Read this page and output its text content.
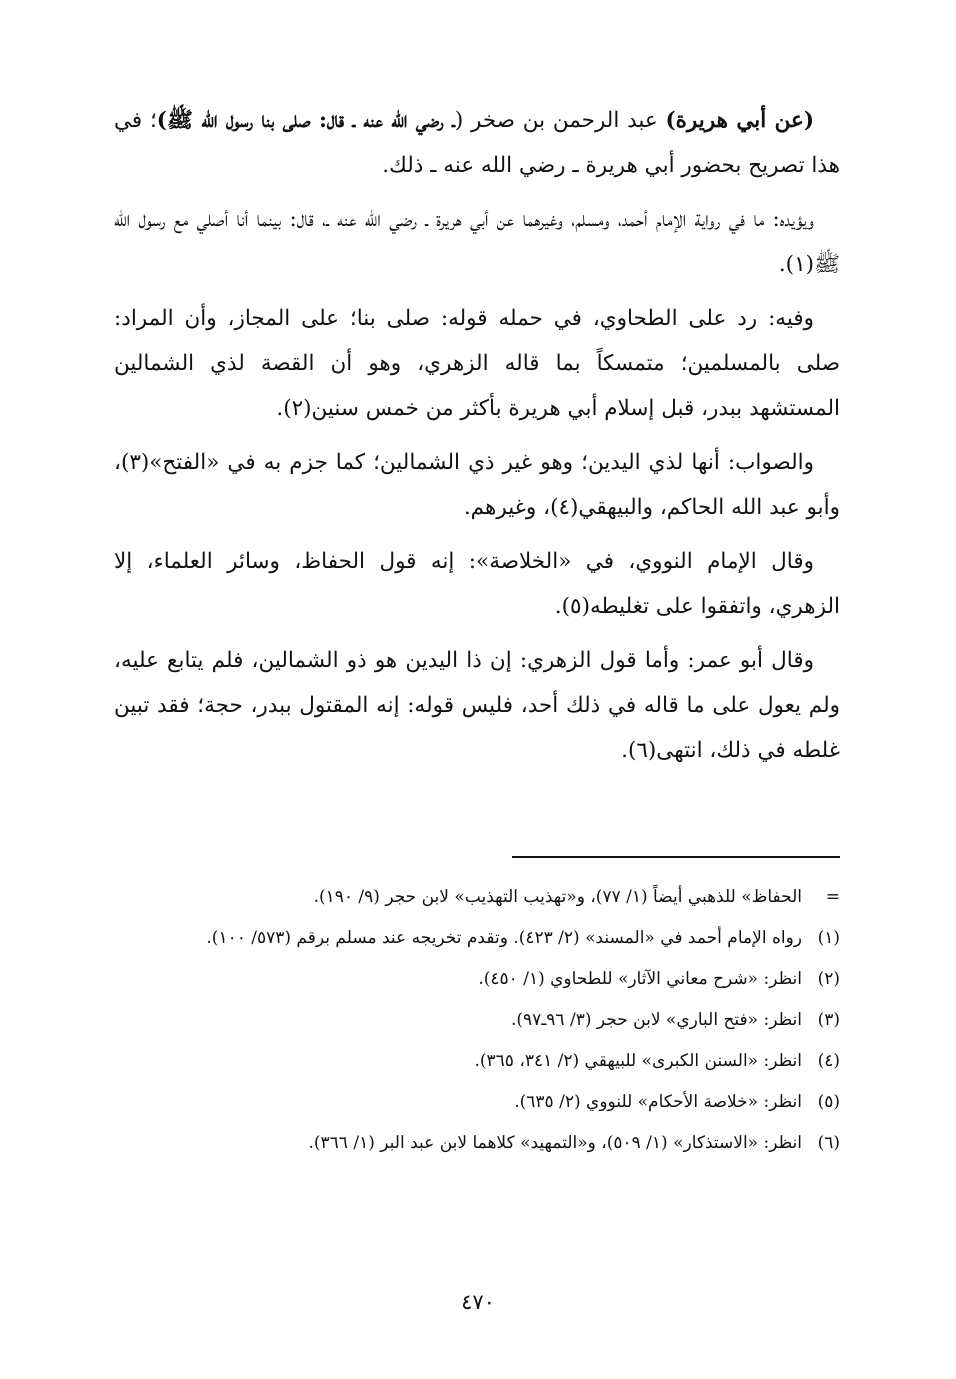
(عن أبي هريرة) عبد الرحمن بن صخر (ـ رضي الله عنه ـ قال: صلى بنا رسول الله ﷺ)؛ في هذا تصريح بحضور أبي هريرة ـ رضي الله عنه ـ ذلك.

ويؤيده: ما في رواية الإمام أحمد، ومسلم، وغيرهما عن أبي هريرة ـ رضي الله عنه ـ، قال: بينما أنا أصلي مع رسول الله ﷺ(١).

وفيه: رد على الطحاوي، في حمله قوله: صلى بنا؛ على المجاز، وأن المراد: صلى بالمسلمين؛ متمسكاً بما قاله الزهري، وهو أن القصة لذي الشمالين المستشهد ببدر، قبل إسلام أبي هريرة بأكثر من خمس سنين(٢).

والصواب: أنها لذي اليدين؛ وهو غير ذي الشمالين؛ كما جزم به في «الفتح»(٣)، وأبو عبد الله الحاكم، والبيهقي(٤)، وغيرهم.

وقال الإمام النووي، في «الخلاصة»: إنه قول الحفاظ، وسائر العلماء، إلا الزهري، واتفقوا على تغليطه(٥).

وقال أبو عمر: وأما قول الزهري: إن ذا اليدين هو ذو الشمالين، فلم يتابع عليه، ولم يعول على ما قاله في ذلك أحد، فليس قوله: إنه المقتول ببدر، حجة؛ فقد تبين غلطه في ذلك، انتهى(٦).

=
الحفاظ» للذهبي أيضاً (١/ ٧٧)، و«تهذيب التهذيب» لابن حجر (٩/ ١٩٠).
(١)
رواه الإمام أحمد في «المسند» (٢/ ٤٢٣). وتقدم تخريجه عند مسلم برقم (٥٧٣/ ١٠٠).
(٢)
انظر: «شرح معاني الآثار» للطحاوي (١/ ٤٥٠).
(٣)
انظر: «فتح الباري» لابن حجر (٣/ ٩٦ـ٩٧).
(٤)
انظر: «السنن الكبرى» للبيهقي (٢/ ٣٤١، ٣٦٥).
(٥)
انظر: «خلاصة الأحكام» للنووي (٢/ ٦٣٥).
(٦)
انظر: «الاستذكار» (١/ ٥٠٩)، و«التمهيد» كلاهما لابن عبد البر (١/ ٣٦٦).
٤٧٠
